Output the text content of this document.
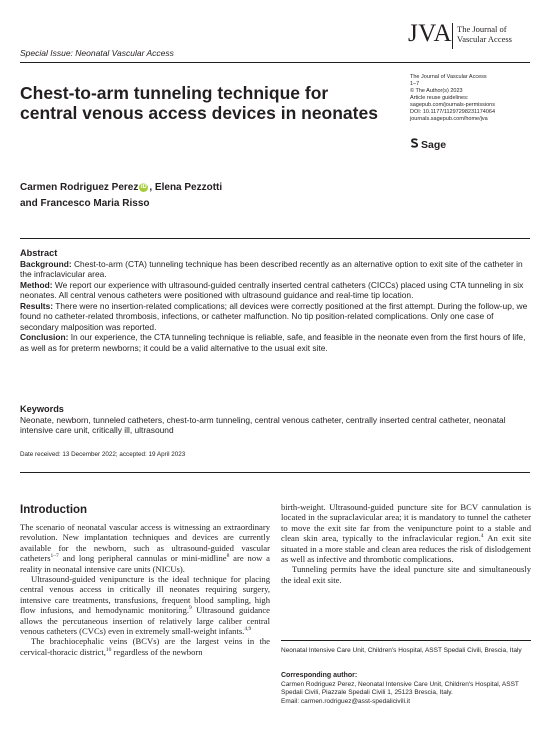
Special Issue: Neonatal Vascular Access
JVA The Journal of
Vascular Access
The Journal of Vascular Access
1–7
© The Author(s) 2023
Article reuse guidelines:
sagepub.com/journals-permissions
DOI: 10.1177/11297298231174064
journals.sagepub.com/home/jva
Sage
Chest-to-arm tunneling technique for central venous access devices in neonates
Carmen Rodriguez Perez iD , Elena Pezzotti
and Francesco Maria Risso

Abstract

Background: Chest-to-arm (CTA) tunneling technique has been described recently as an alternative option to exit site of the catheter in the infraclavicular area.

Method: We report our experience with ultrasound-guided centrally inserted central catheters (CICCs) placed using CTA tunneling in six neonates. All central venous catheters were positioned with ultrasound guidance and real-time tip location.

Results: There were no insertion-related complications; all devices were correctly positioned at the first attempt. During the follow-up, we found no catheter-related thrombosis, infections, or catheter malfunction. No tip position-related complications. Only one case of secondary malposition was reported.

Conclusion: In our experience, the CTA tunneling technique is reliable, safe, and feasible in the neonate even from the first hours of life, as well as for preterm newborns; it could be a valid alternative to the usual exit site.

Keywords
Neonate, newborn, tunneled catheters, chest-to-arm tunneling, central venous catheter, centrally inserted central catheter, neonatal intensive care unit, critically ill, ultrasound
Date received: 13 December 2022; accepted: 19 April 2023
Introduction

The scenario of neonatal vascular access is witnessing an extraordinary revolution. New implantation techniques and devices are currently available for the newborn, such as ultrasound-guided vascular catheters$^{1-7}$ and long peripheral cannulas or mini-midline$^8$ are now a reality in neonatal intensive care units (NICUs).

Ultrasound-guided venipuncture is the ideal technique for placing central venous access in critically ill neonates requiring surgery, intensive care treatments, transfusions, frequent blood sampling, high flow infusions, and hemodynamic monitoring.$^9$ Ultrasound guidance allows the percutaneous insertion of relatively large caliber central venous catheters (CVCs) even in extremely small-weight infants.$^{4,9}$

The brachiocephalic veins (BCVs) are the largest veins in the cervical-thoracic district,$^{10}$ regardless of the newborn

birth-weight. Ultrasound-guided puncture site for BCV cannulation is located in the supraclavicular area; it is mandatory to tunnel the catheter to move the exit site far from the venipuncture point to a stable and clean skin area, typically to the infraclavicular region.$^4$ An exit site situated in a more stable and clean area reduces the risk of dislodgement as well as infective and thrombotic complications.

Tunneling permits have the ideal puncture site and simultaneously the ideal exit site.

Neonatal Intensive Care Unit, Children's Hospital, ASST Spedali Civili, Brescia, Italy
Corresponding author:
Carmen Rodriguez Perez, Neonatal Intensive Care Unit, Children's Hospital, ASST Spedali Civili, Piazzale Spedali Civili 1, 25123 Brescia, Italy.
Email: carmen.rodriguez@asst-spedalicivili.it
